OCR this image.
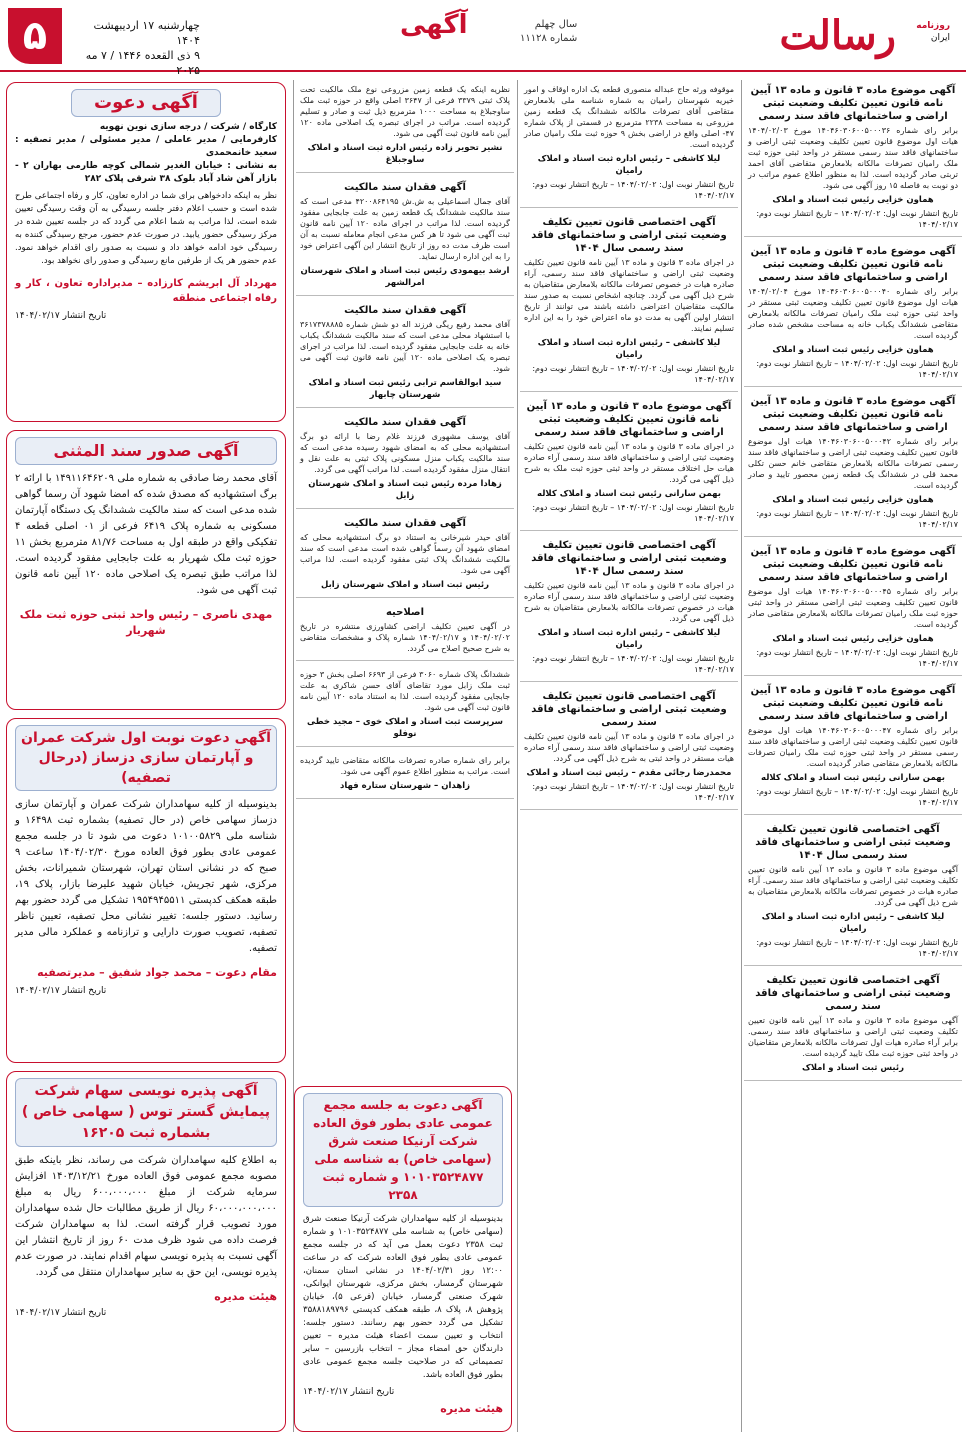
رسالت	روزنامه
ایران
سال چهلم
شماره ۱۱۱۲۸
آگهی
چهارشنبه ۱۷ اردیبهشت ۱۴۰۴
۹ ذی القعده ۱۴۴۶ / ۷ مه ۲۰۲۵
۵
آگهی موضوع ماده ۳ قانون و ماده ۱۳ آیین نامه قانون تعیین تکلیف وضعیت ثبتی اراضی و ساختمانهای فاقد سند رسمی

برابر رای شماره ۱۴۰۴۶۰۳۰۶۰۰۵۰۰۰۳۶ مورخ ۱۴۰۴/۰۲/۰۳ هیات اول موضوع قانون تعیین تکلیف وضعیت ثبتی اراضی و ساختمانهای فاقد سند رسمی مستقر در واحد ثبتی حوزه ثبت ملک رامیان تصرفات مالکانه بلامعارض متقاضی آقای احمد تربتی صادر گردیده است. لذا به منظور اطلاع عموم مراتب در دو نوبت به فاصله ۱۵ روز آگهی می شود.

هماون خزایی رئیس ثبت اسناد و املاک
تاریخ انتشار نوبت اول: ۱۴۰۴/۰۲/۰۲ – تاریخ انتشار نوبت دوم: ۱۴۰۴/۰۲/۱۷
آگهی موضوع ماده ۳ قانون و ماده ۱۳ آیین نامه قانون تعیین تکلیف وضعیت ثبتی اراضی و ساختمانهای فاقد سند رسمی

برابر رای شماره ۱۴۰۴۶۰۳۰۶۰۰۵۰۰۰۴۰ مورخ ۱۴۰۴/۰۲/۰۴ هیات اول موضوع قانون تعیین تکلیف وضعیت ثبتی مستقر در واحد ثبتی حوزه ثبت ملک رامیان تصرفات مالکانه بلامعارض متقاضی ششدانگ یکباب خانه به مساحت مشخص شده صادر گردیده است.

هماون خزایی رئیس ثبت اسناد و املاک
تاریخ انتشار نوبت اول: ۱۴۰۴/۰۲/۰۲ – تاریخ انتشار نوبت دوم: ۱۴۰۴/۰۲/۱۷
آگهی موضوع ماده ۳ قانون و ماده ۱۳ آیین نامه قانون تعیین تکلیف وضعیت ثبتی اراضی و ساختمانهای فاقد سند رسمی

برابر رای شماره ۱۴۰۴۶۰۳۰۶۰۰۵۰۰۰۴۲ هیات اول موضوع قانون تعیین تکلیف وضعیت ثبتی اراضی و ساختمانهای فاقد سند رسمی تصرفات مالکانه بلامعارض متقاضی خانم حسن تکلی محمد قلی در ششدانگ یک قطعه زمین محصور تایید و صادر گردیده است.

هماون خزایی رئیس ثبت اسناد و املاک
تاریخ انتشار نوبت اول: ۱۴۰۴/۰۲/۰۲ – تاریخ انتشار نوبت دوم: ۱۴۰۴/۰۲/۱۷
آگهی موضوع ماده ۳ قانون و ماده ۱۳ آیین نامه قانون تعیین تکلیف وضعیت ثبتی اراضی و ساختمانهای فاقد سند رسمی

برابر رای شماره ۱۴۰۴۶۰۳۰۶۰۰۵۰۰۰۴۵ هیات اول موضوع قانون تعیین تکلیف وضعیت ثبتی اراضی مستقر در واحد ثبتی حوزه ثبت ملک رامیان تصرفات مالکانه بلامعارض متقاضی صادر گردیده است.

هماون خزایی رئیس ثبت اسناد و املاک
تاریخ انتشار نوبت اول: ۱۴۰۴/۰۲/۰۲ – تاریخ انتشار نوبت دوم: ۱۴۰۴/۰۲/۱۷
آگهی موضوع ماده ۳ قانون و ماده ۱۳ آیین نامه قانون تعیین تکلیف وضعیت ثبتی اراضی و ساختمانهای فاقد سند رسمی

برابر رای شماره ۱۴۰۴۶۰۳۰۶۰۰۵۰۰۰۴۷ هیات اول موضوع قانون تعیین تکلیف وضعیت ثبتی اراضی و ساختمانهای فاقد سند رسمی مستقر در واحد ثبتی حوزه ثبت ملک رامیان تصرفات مالکانه بلامعارض متقاضی صادر گردیده است.

بهمن سارانی رئیس ثبت اسناد و املاک کلاله
تاریخ انتشار نوبت اول: ۱۴۰۴/۰۲/۰۲ – تاریخ انتشار نوبت دوم: ۱۴۰۴/۰۲/۱۷
آگهی اختصاصی قانون تعیین تکلیف وضعیت ثبتی اراضی و ساختمانهای فاقد سند رسمی سال ۱۴۰۴

آگهی موضوع ماده ۳ قانون و ماده ۱۳ آیین نامه قانون تعیین تکلیف وضعیت ثبتی اراضی و ساختمانهای فاقد سند رسمی. آراء صادره هیات در خصوص تصرفات مالکانه بلامعارض متقاضیان به شرح ذیل آگهی می گردد.

لیلا کاشفی – رئیس اداره ثبت اسناد و املاک رامیان
تاریخ انتشار نوبت اول: ۱۴۰۴/۰۲/۰۲ – تاریخ انتشار نوبت دوم: ۱۴۰۴/۰۲/۱۷
آگهی اختصاصی قانون تعیین تکلیف وضعیت ثبتی اراضی و ساختمانهای فاقد سند رسمی

آگهی موضوع ماده ۳ قانون و ماده ۱۳ آیین نامه قانون تعیین تکلیف وضعیت ثبتی اراضی و ساختمانهای فاقد سند رسمی. برابر آراء صادره هیات اول تصرفات مالکانه بلامعارض متقاضیان در واحد ثبتی حوزه ثبت ملک تایید گردیده است.

رئیس ثبت اسناد و املاک

موقوفه ورثه حاج عبداله منصوری قطعه یک اداره اوقاف و امور خیریه شهرستان رامیان به شماره شناسه ملی بلامعارض متقاضی آقای تصرفات مالکانه ششدانگ یک قطعه زمین مزروعی به مساحت ۲۲۳۸ مترمربع در قسمتی از پلاک شماره ۴۷- اصلی واقع در اراضی بخش ۹ حوزه ثبت ملک رامیان صادر گردیده است.

لیلا کاشفی – رئیس اداره ثبت اسناد و املاک رامیان
تاریخ انتشار نوبت اول: ۱۴۰۴/۰۲/۰۲ – تاریخ انتشار نوبت دوم: ۱۴۰۴/۰۲/۱۷
آگهی اختصاصی قانون تعیین تکلیف وضعیت ثبتی اراضی و ساختمانهای فاقد سند رسمی سال ۱۴۰۴

در اجرای ماده ۳ قانون و ماده ۱۳ آیین نامه قانون تعیین تکلیف وضعیت ثبتی اراضی و ساختمانهای فاقد سند رسمی، آراء صادره هیات در خصوص تصرفات مالکانه بلامعارض متقاضیان به شرح ذیل آگهی می گردد. چنانچه اشخاص نسبت به صدور سند مالکیت متقاضیان اعتراضی داشته باشند می توانند از تاریخ انتشار اولین آگهی به مدت دو ماه اعتراض خود را به این اداره تسلیم نمایند.

لیلا کاشفی – رئیس اداره ثبت اسناد و املاک رامیان
تاریخ انتشار نوبت اول: ۱۴۰۴/۰۲/۰۲ – تاریخ انتشار نوبت دوم: ۱۴۰۴/۰۲/۱۷
آگهی موضوع ماده ۳ قانون و ماده ۱۳ آیین نامه قانون تعیین تکلیف وضعیت ثبتی اراضی و ساختمانهای فاقد سند رسمی

در اجرای ماده ۳ قانون و ماده ۱۳ آیین نامه قانون تعیین تکلیف وضعیت ثبتی اراضی و ساختمانهای فاقد سند رسمی آراء صادره هیات حل اختلاف مستقر در واحد ثبتی حوزه ثبت ملک به شرح ذیل آگهی می گردد.

بهمن سارانی رئیس ثبت اسناد و املاک کلاله
تاریخ انتشار نوبت اول: ۱۴۰۴/۰۲/۰۲ – تاریخ انتشار نوبت دوم: ۱۴۰۴/۰۲/۱۷
آگهی اختصاصی قانون تعیین تکلیف وضعیت ثبتی اراضی و ساختمانهای فاقد سند رسمی سال ۱۴۰۴

در اجرای ماده ۳ قانون و ماده ۱۳ آیین نامه قانون تعیین تکلیف وضعیت ثبتی اراضی و ساختمانهای فاقد سند رسمی آراء صادره هیات در خصوص تصرفات مالکانه بلامعارض متقاضیان به شرح ذیل آگهی می گردد.

لیلا کاشفی – رئیس اداره ثبت اسناد و املاک رامیان
تاریخ انتشار نوبت اول: ۱۴۰۴/۰۲/۰۲ – تاریخ انتشار نوبت دوم: ۱۴۰۴/۰۲/۱۷
آگهی اختصاصی قانون تعیین تکلیف وضعیت ثبتی اراضی و ساختمانهای فاقد سند رسمی

در اجرای ماده ۳ قانون و ماده ۱۳ آیین نامه قانون تعیین تکلیف وضعیت ثبتی اراضی و ساختمانهای فاقد سند رسمی آراء صادره هیات مستقر در واحد ثبتی به شرح ذیل آگهی می گردد.

محمدرضا رجائی مقدم – رئیس ثبت اسناد و املاک
تاریخ انتشار نوبت اول: ۱۴۰۴/۰۲/۰۲ – تاریخ انتشار نوبت دوم: ۱۴۰۴/۰۲/۱۷

نظریه اینکه یک قطعه زمین مزروعی نوع ملک مالکیت تحت پلاک ثبتی ۳۳۷۹ فرعی از ۳۶۴۷ اصلی واقع در حوزه ثبت ملک ساوجبلاغ به مساحت ۱۰۰۰ مترمربع ذیل ثبت و صادر و تسلیم گردیده است. مراتب در اجرای تبصره یک اصلاحی ماده ۱۲۰ آیین نامه قانون ثبت آگهی می شود.

نشیر تحویر زاده رئیس اداره ثبت اسناد و املاک ساوجبلاغ
آگهی فقدان سند مالکیت

آقای جمال اسماعیلی به ش.ش ۴۲۰۰۸۶۴۱۹۵ مدعی است که سند مالکیت ششدانگ یک قطعه زمین به علت جابجایی مفقود گردیده است. لذا مراتب در اجرای ماده ۱۲۰ آیین نامه قانون ثبت آگهی می شود تا هر کس مدعی انجام معامله نسبت به آن است ظرف مدت ده روز از تاریخ انتشار این آگهی اعتراض خود را به این اداره ارسال نماید.

ارشد بیهمودی رئیس ثبت اسناد و املاک شهرستان امرالشهر
آگهی فقدان سند مالکیت

آقای محمد رفیع ریگی فرزند اله دو شش شماره ۳۶۱۷۳۷۸۸۸۵ با استشهاد محلی مدعی است که سند مالکیت ششدانگ یکباب خانه به علت جابجایی مفقود گردیده است. لذا مراتب در اجرای تبصره یک اصلاحی ماده ۱۲۰ آیین نامه قانون ثبت آگهی می شود.

سید ابوالقاسم ترابی رئیس ثبت اسناد و املاک شهرستان چابهار
آگهی فقدان سند مالکیت

آقای یوسف مشهوری فرزند غلام رضا با ارائه دو برگ استشهادیه محلی که به امضای شهود رسیده مدعی است که سند مالکیت یکباب منزل مسکونی پلاک ثبتی به علت نقل و انتقال منزل مفقود گردیده است. لذا مراتب آگهی می گردد.

زهادا مرده رئیس ثبت اسناد و املاک شهرستان زابل
آگهی فقدان سند مالکیت

آقای حیدر شیرخانی به استناد دو برگ استشهادیه محلی که امضای شهود آن رسماً گواهی شده است مدعی است که سند مالکیت ششدانگ پلاک ثبتی مفقود گردیده است. لذا مراتب آگهی می شود.

رئیس ثبت اسناد و املاک شهرستان زابل
اصلاحیه

در آگهی تعیین تکلیف اراضی کشاورزی منتشره در تاریخ ۱۴۰۴/۰۲/۰۲ و ۱۴۰۴/۰۲/۱۷ شماره پلاک و مشخصات متقاضی به شرح صحیح اصلاح می گردد.

ششدانگ پلاک شماره ۳۰۶۰ فرعی از ۶۶۹۳ اصلی بخش ۳ حوزه ثبت ملک زابل مورد تقاضای آقای حسن شاکری به علت جابجایی مفقود گردیده است. لذا به استناد ماده ۱۲۰ آیین نامه قانون ثبت آگهی می شود.

سرپرست ثبت اسناد و املاک خوی – مجید خطی نوفلو

برابر رای شماره صادره تصرفات مالکانه متقاضی تایید گردیده است. مراتب به منظور اطلاع عموم آگهی می شود.

زاهدان – شهرستان ستاره فهاد
آگهی دعوت

کارگاه / شرکت / درجه سازی نوین نهویه

کارفرمایی / مدیر عاملی / مدیر مسئولی / مدیر تصفیه : سعید خانمحمدی

به نشانی : خیابان الغدیر شمالی کوچه طارمی بهاران ۲ - بازار آهن شاد آباد بلوک ۳۸ شرقی پلاک ۲۸۲

نظر به اینکه دادخواهی برای شما در اداره تعاون، کار و رفاه اجتماعی طرح شده است و حسب اعلام دفتر جلسه رسیدگی به آن وقت رسیدگی تعیین شده است، لذا مراتب به شما اعلام می گردد که در جلسه تعیین شده در مرکز رسیدگی حضور یابید. در صورت عدم حضور، مرجع رسیدگی کننده به رسیدگی خود ادامه خواهد داد و نسبت به صدور رای اقدام خواهد نمود. عدم حضور هر یک از طرفین مانع رسیدگی و صدور رای نخواهد بود.

مهرداد آل ابریشم کارزاده – مدیراداره تعاون ، کار و رفاه اجتماعی منطقه

تاریخ انتشار ۱۴۰۴/۰۲/۱۷

آگهی صدور سند المثنی

آقای محمد رضا صادقی به شماره ملی ۱۴۹۱۱۶۴۶۲۰۹ با ارائه ۲ برگ استشهادیه که مصدق شده که امضا شهود آن رسما گواهی شده مدعی است که سند مالکیت ششدانگ یک دستگاه آپارتمان مسکونی به شماره پلاک ۶۴۱۹ فرعی از ۰۱ اصلی قطعه ۴ تفکیکی واقع در طبقه اول به مساحت ۸۱/۷۶ مترمربع بخش ۱۱ حوزه ثبت ملک شهریار به علت جابجایی مفقود گردیده است. لذا مراتب طبق تبصره یک اصلاحی ماده ۱۲۰ آیین نامه قانون ثبت آگهی می شود.

مهدی ناصری – رئیس واحد ثبتی حوزه ثبت ملک شهریار

آگهی دعوت نوبت اول شرکت عمران و آپارتمان سازی دزساز (درحال تصفیه)

بدینوسیله از کلیه سهامداران شرکت عمران و آپارتمان سازی دزساز سهامی خاص (در حال تصفیه) بشماره ثبت ۱۶۴۹۸ و شناسه ملی ۱۰۱۰۰۵۸۲۹ دعوت می شود تا در جلسه مجمع عمومی عادی بطور فوق العاده مورخ ۱۴۰۴/۰۲/۳۰ ساعت ۹ صبح که در نشانی استان تهران، شهرستان شمیرانات، بخش مرکزی، شهر تجریش، خیابان شهید علیرضا بازار، پلاک ۱۹، طبقه همکف کدپستی ۱۹۵۴۹۴۵۵۱۱ تشکیل می گردد حضور بهم رسانید. دستور جلسه: تغییر نشانی محل تصفیه، تعیین ناظر تصفیه، تصویب صورت دارایی و ترازنامه و عملکرد مالی مدیر تصفیه.

مقام دعوت – محمد جواد شفیق – مدیرتصفیه

تاریخ انتشار ۱۴۰۴/۰۲/۱۷

آگهی پذیره نویسی سهام شرکت پیمایش گستر توس ( سهامی خاص ) بشماره ثبت ۱۶۲۰۵

به اطلاع کلیه سهامداران شرکت می رساند، نظر باینکه طبق مصوبه مجمع عمومی فوق العاده مورخ ۱۴۰۳/۱۲/۲۱ افزایش سرمایه شرکت از مبلغ ۶۰۰،۰۰۰،۰۰۰ ریال به مبلغ ۶۰،۰۰۰،۰۰۰،۰۰۰ ریال از طریق مطالبات حال شده سهامداران مورد تصویب قرار گرفته است. لذا به سهامداران شرکت فرصت داده می شود ظرف مدت ۶۰ روز از تاریخ انتشار این آگهی نسبت به پذیره نویسی سهام اقدام نمایند. در صورت عدم پذیره نویسی، این حق به سایر سهامداران منتقل می گردد.

هیئت مدیره

تاریخ انتشار ۱۴۰۴/۰۲/۱۷

آگهی دعوت به جلسه مجمع عمومی عادی بطور فوق العاده شرکت آرنیکا صنعت شرق (سهامی خاص) به شناسه ملی ۱۰۱۰۳۵۲۴۸۷۷ و شماره ثبت ۲۳۵۸

بدینوسیله از کلیه سهامداران شرکت آرنیکا صنعت شرق (سهامی خاص) به شناسه ملی ۱۰۱۰۳۵۲۴۸۷۷ و شماره ثبت ۲۳۵۸ دعوت بعمل می آید که در جلسه مجمع عمومی عادی بطور فوق العاده شرکت که در ساعت ۱۲:۰۰ روز ۱۴۰۴/۰۲/۳۱ در نشانی استان سمنان، شهرستان گرمسار، بخش مرکزی، شهرستان ایوانکی، شهرک صنعتی گرمسار، خیابان (فرعی ۵)، خیابان پژوهش ۸، پلاک ۸، طبقه همکف کدپستی ۳۵۸۸۱۸۹۷۹۶ تشکیل می گردد حضور بهم رسانند. دستور جلسه: انتخاب و تعیین سمت اعضاء هیئت مدیره – تعیین دارندگان حق امضاء مجاز – انتخاب بازرسین – سایر تصمیماتی که در صلاحیت جلسه مجمع عمومی عادی بطور فوق العاده باشد.

تاریخ انتشار ۱۴۰۴/۰۲/۱۷

هیئت مدیره
